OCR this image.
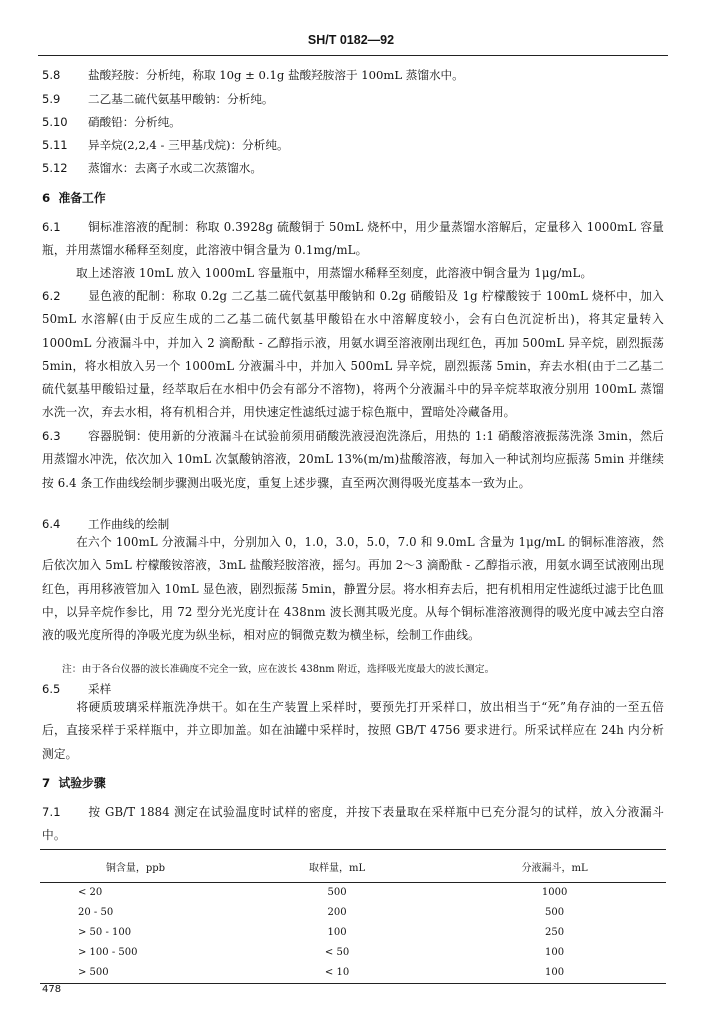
SH/T 0182—92
5.8 盐酸羟胺：分析纯，称取 10g ± 0.1g 盐酸羟胺溶于 100mL 蒸馏水中。
5.9 二乙基二硫代氨基甲酸钠：分析纯。
5.10 硝酸铅：分析纯。
5.11 异辛烷(2,2,4 - 三甲基戊烷)：分析纯。
5.12 蒸馏水：去离子水或二次蒸馏水。
6 准备工作
6.1 铜标准溶液的配制：称取 0.3928g 硫酸铜于 50mL 烧杯中，用少量蒸馏水溶解后，定量移入 1000mL 容量瓶，并用蒸馏水稀释至刻度，此溶液中铜含量为 0.1mg/mL。
取上述溶液 10mL 放入 1000mL 容量瓶中，用蒸馏水稀释至刻度，此溶液中铜含量为 1μg/mL。
6.2 显色液的配制：称取 0.2g 二乙基二硫代氨基甲酸钠和 0.2g 硝酸铅及 1g 柠檬酸铵于 100mL 烧杯中，加入 50mL 水溶解(由于反应生成的二乙基二硫代氨基甲酸铅在水中溶解度较小，会有白色沉淀析出)，将其定量转入 1000mL 分液漏斗中，并加入 2 滴酚酞 - 乙醇指示液，用氨水调至溶液刚出现红色，再加 500mL 异辛烷，剧烈振荡 5min，将水相放入另一个 1000mL 分液漏斗中，并加入 500mL 异辛烷，剧烈振荡 5min，弃去水相(由于二乙基二硫代氨基甲酸铅过量，经萃取后在水相中仍会有部分不溶物)，将两个分液漏斗中的异辛烷萃取液分别用 100mL 蒸馏水洗一次，弃去水相，将有机相合并，用快速定性滤纸过滤于棕色瓶中，置暗处冷藏备用。
6.3 容器脱铜：使用新的分液漏斗在试验前须用硝酸洗液浸泡洗涤后，用热的 1:1 硝酸溶液振荡洗涤 3min，然后用蒸馏水冲洗，依次加入 10mL 次氯酸钠溶液，20mL 13%(m/m)盐酸溶液，每加入一种试剂均应振荡 5min 并继续按 6.4 条工作曲线绘制步骤测出吸光度，重复上述步骤，直至两次测得吸光度基本一致为止。
6.4 工作曲线的绘制
在六个 100mL 分液漏斗中，分别加入 0，1.0，3.0，5.0，7.0 和 9.0mL 含量为 1μg/mL 的铜标准溶液，然后依次加入 5mL 柠檬酸铵溶液，3mL 盐酸羟胺溶液，摇匀。再加 2～3 滴酚酞 - 乙醇指示液，用氨水调至试液刚出现红色，再用移液管加入 10mL 显色液，剧烈振荡 5min，静置分层。将水相弃去后，把有机相用定性滤纸过滤于比色皿中，以异辛烷作参比，用 72 型分光光度计在 438nm 波长测其吸光度。从每个铜标准溶液测得的吸光度中减去空白溶液的吸光度所得的净吸光度为纵坐标，相对应的铜微克数为横坐标，绘制工作曲线。
注：由于各台仪器的波长准确度不完全一致，应在波长 438nm 附近，选择吸光度最大的波长测定。
6.5 采样
将硬质玻璃采样瓶洗净烘干。如在生产装置上采样时，要预先打开采样口，放出相当于“死”角存油的一至五倍后，直接采样于采样瓶中，并立即加盖。如在油罐中采样时，按照 GB/T 4756 要求进行。所采试样应在 24h 内分析测定。
7 试验步骤
7.1 按 GB/T 1884 测定在试验温度时试样的密度，并按下表量取在采样瓶中已充分混匀的试样，放入分液漏斗中。
铜含量，ppb	取样量，mL	分液漏斗，mL
< 20	500	1000
20 - 50	200	500
> 50 - 100	100	250
> 100 - 500	< 50	100
> 500	< 10	100
478
